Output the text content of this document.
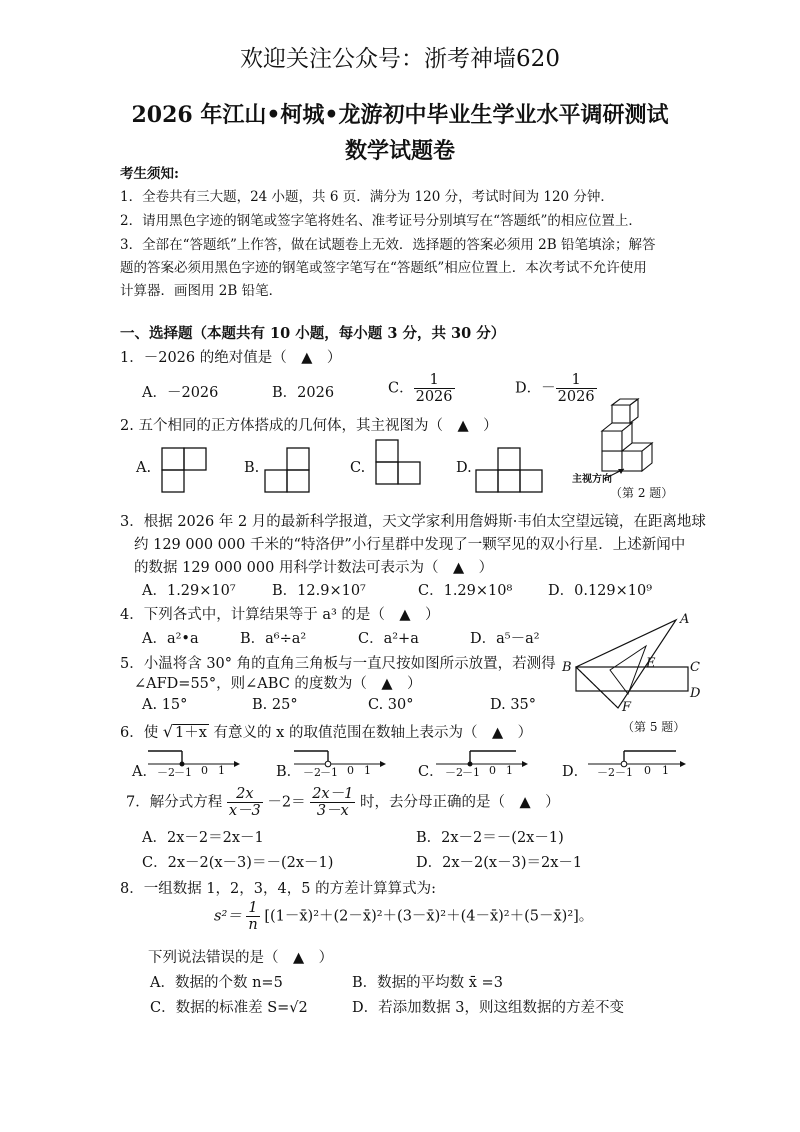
欢迎关注公众号：浙考神墙620
2026 年江山•柯城•龙游初中毕业生学业水平调研测试
数学试题卷
考生须知:
1．全卷共有三大题，24 小题，共 6 页．满分为 120 分，考试时间为 120 分钟．
2．请用黑色字迹的钢笔或签字笔将姓名、准考证号分别填写在“答题纸”的相应位置上．
3．全部在“答题纸”上作答，做在试题卷上无效．选择题的答案必须用 2B 铅笔填涂；解答
题的答案必须用黑色字迹的钢笔或签字笔写在“答题纸”相应位置上．本次考试不允许使用
计算器．画图用 2B 铅笔．
一、选择题（本题共有 10 小题，每小题 3 分，共 30 分）
1．－2026 的绝对值是（　▲　）
A．－2026	B．2026	C． $\frac{1}{2026}$	D．－ $\frac{1}{2026}$
2. 五个相同的正方体搭成的几何体，其主视图为（　▲　）
A.	B.	C.	D.
主视方向
（第 2 题）
3．根据 2026 年 2 月的最新科学报道，天文学家利用詹姆斯·韦伯太空望远镜，在距离地球
约 129 000 000 千米的“特洛伊”小行星群中发现了一颗罕见的双小行星．上述新闻中
的数据 129 000 000 用科学计数法可表示为（　▲　）
A．1.29×10⁷	B．12.9×10⁷	C．1.29×10⁸ D．0.129×10⁹
4．下列各式中，计算结果等于 a³ 的是（　▲　）
A．a²•a	B．a⁶÷a²	C．a²+a	D．a⁵－a²
5．小温将含 30° 角的直角三角板与一直尺按如图所示放置，若测得
∠AFD=55°，则∠ABC 的度数为（　▲　）
A. 15°	B. 25°	C. 30°	D. 35°
A
B	C
D
E
F
（第 5 题）
6．使 √ 1＋x 有意义的 x 的取值范围在数轴上表示为（　▲　）
A． －2 －1 0 1	B． －2 －1 0 1	C． －2 －1 0 1	D． －2 －1 0 1
7．解分式方程 $\frac{2x}{x-3} -2= \frac{2x-1}{3-x}$ 时，去分母正确的是（　▲　）
A．2x－2＝2x－1	B．2x－2＝－(2x－1)
C．2x－2(x－3)＝－(2x－1)	D．2x－2(x－3)＝2x－1
8．一组数据 1，2，3，4，5 的方差计算算式为:
$s^2= \frac{1}{n}$ [(1－x̄)²＋(2－x̄)²＋(3－x̄)²＋(4－x̄)²＋(5－x̄)²]。
下列说法错误的是（　▲　）
A．数据的个数 n=5	B．数据的平均数 x̄ =3
C．数据的标准差 S=√2	D．若添加数据 3，则这组数据的方差不变
